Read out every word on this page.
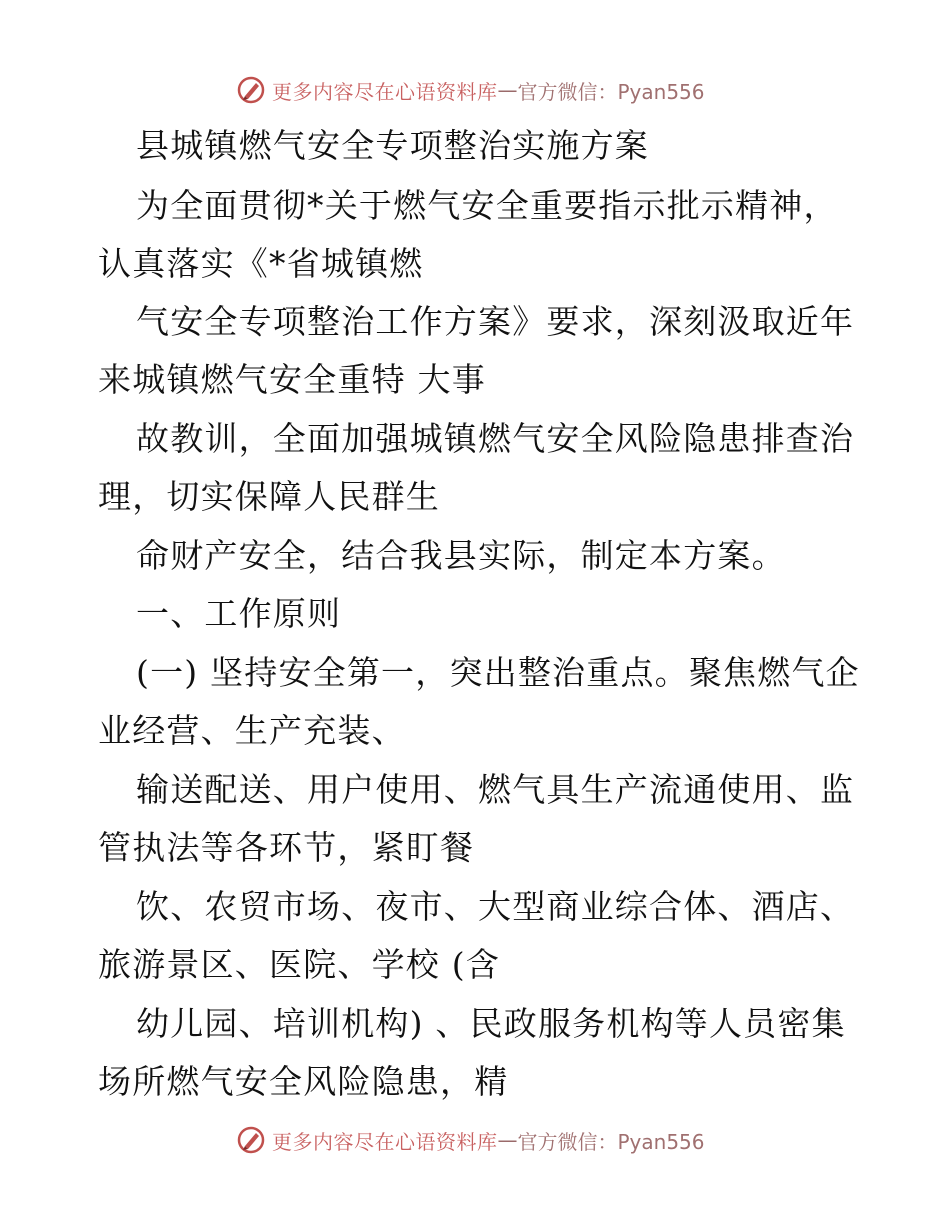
更多内容尽在心语资料库 — 官方微信：Pyan556
县城镇燃气安全专项整治实施方案
为全面贯彻*关于燃气安全重要指示批示精神，
认真落实《*省城镇燃
气安全专项整治工作方案》要求，深刻汲取近年
来城镇燃气安全重特 大事
故教训，全面加强城镇燃气安全风险隐患排查治
理，切实保障人民群生
命财产安全，结合我县实际，制定本方案。
一、工作原则
(一) 坚持安全第一，突出整治重点。聚焦燃气企
业经营、生产充装、
输送配送、用户使用、燃气具生产流通使用、监
管执法等各环节，紧盯餐
饮、农贸市场、夜市、大型商业综合体、酒店、
旅游景区、医院、学校 (含
幼儿园、培训机构) 、民政服务机构等人员密集
场所燃气安全风险隐患，精
更多内容尽在心语资料库 — 官方微信：Pyan556
